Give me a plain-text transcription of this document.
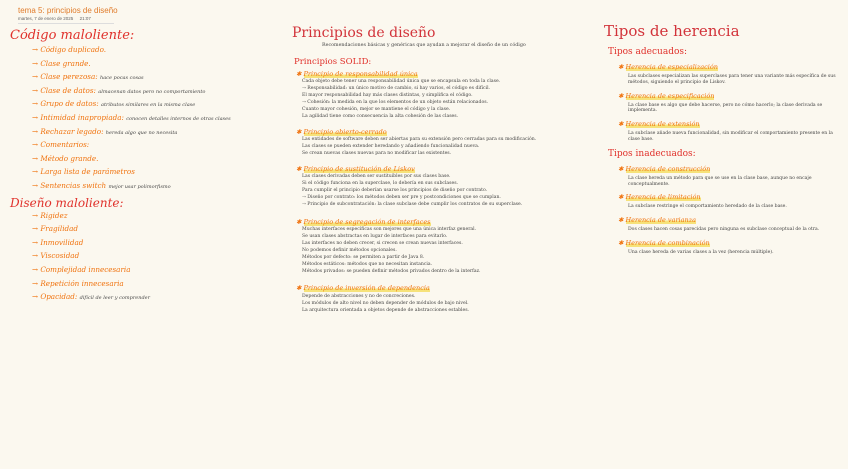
tema 5: principios de diseño
martes, 7 de enero de 2025 21:07
Código maloliente:
→ Código duplicado.
→ Clase grande.
→ Clase perezosa: hace pocas cosas
→ Clase de datos: almacenan datos pero no comportamiento
→ Grupo de datos: atributos similares en la misma clase
→ Intimidad inapropiada: conocen detalles internos de otras clases
→ Rechazar legado: hereda algo que no necesita
→ Comentarios:
→ Método grande.
→ Larga lista de parámetros
→ Sentencias switch mejor usar polimorfismo
Diseño maloliente:
→ Rigidez
→ Fragilidad
→ Inmovilidad
→ Viscosidad
→ Complejidad innecesaria
→ Repetición innecesaria
→ Opacidad: difícil de leer y comprender
Principios de diseño
Recomendaciones básicas y genéricas que ayudan a mejorar el diseño de un código
Principios SOLID:
✱ Principio de responsabilidad única
Cada objeto debe tener una responsabilidad única que se encapsula en toda la clase.
→ Responsabilidad: un único motivo de cambio, si hay varios, el código es difícil.
El mayor responsabilidad hay más clases distintas, y simplifica el código.
→ Cohesión: la medida en la que los elementos de un objeto están relacionados.
Cuanto mayor cohesión, mejor se mantiene el código y la clase.
La agilidad tiene como consecuencia la alta cohesión de las clases.
✱ Principio abierto-cerrado
Las entidades de software deben ser abiertas para su extensión pero cerradas para su modificación.
Las clases se pueden extender heredando y añadiendo funcionalidad nueva.
Se crean nuevas clases nuevas para no modificar las existentes.
✱ Principio de sustitución de Liskov
Las clases derivadas deben ser sustituibles por sus clases base.
Si el código funciona en la superclase, lo debería en sus subclases.
Para cumplir el principio deberían usarse los principios de diseño por contrato.
→ Diseño por contrato: los métodos deben ser pre y postcondiciones que se cumplan.
→ Principio de subcontratación: la clase subclase debe cumplir los contratos de su superclase.
✱ Principio de segregación de interfaces
Muchas interfaces específicas son mejores que una única interfaz general.
Se usan clases abstractas en lugar de interfaces para evitarlo.
Las interfaces no deben crecer, si crecen se crean nuevas interfaces.
No podemos definir métodos opcionales.
Métodos por defecto: se permiten a partir de Java 8.
Métodos estáticos: métodos que no necesitan instancia.
Métodos privados: se pueden definir métodos privados dentro de la interfaz.
✱ Principio de inversión de dependencia
Depende de abstracciones y no de concreciones.
Los módulos de alto nivel no deben depender de módulos de bajo nivel.
La arquitectura orientada a objetos depende de abstracciones estables.
Tipos de herencia
Tipos adecuados:
✱ Herencia de especialización
Las subclases especializan las superclases para tener una variante más específica de sus métodos, siguiendo el principio de Liskov.
✱ Herencia de especificación
La clase base es algo que debe hacerse, pero no cómo hacerlo; la clase derivada se implementa.
✱ Herencia de extensión
La subclase añade nueva funcionalidad, sin modificar el comportamiento presente en la clase base.
Tipos inadecuados:
✱ Herencia de construcción
La clase hereda un método para que se use en la clase base, aunque no encaje conceptualmente.
✱ Herencia de limitación
La subclase restringe el comportamiento heredado de la clase base.
✱ Herencia de varianza
Dos clases hacen cosas parecidas pero ninguna es subclase conceptual de la otra.
✱ Herencia de combinación
Una clase hereda de varias clases a la vez (herencia múltiple).
